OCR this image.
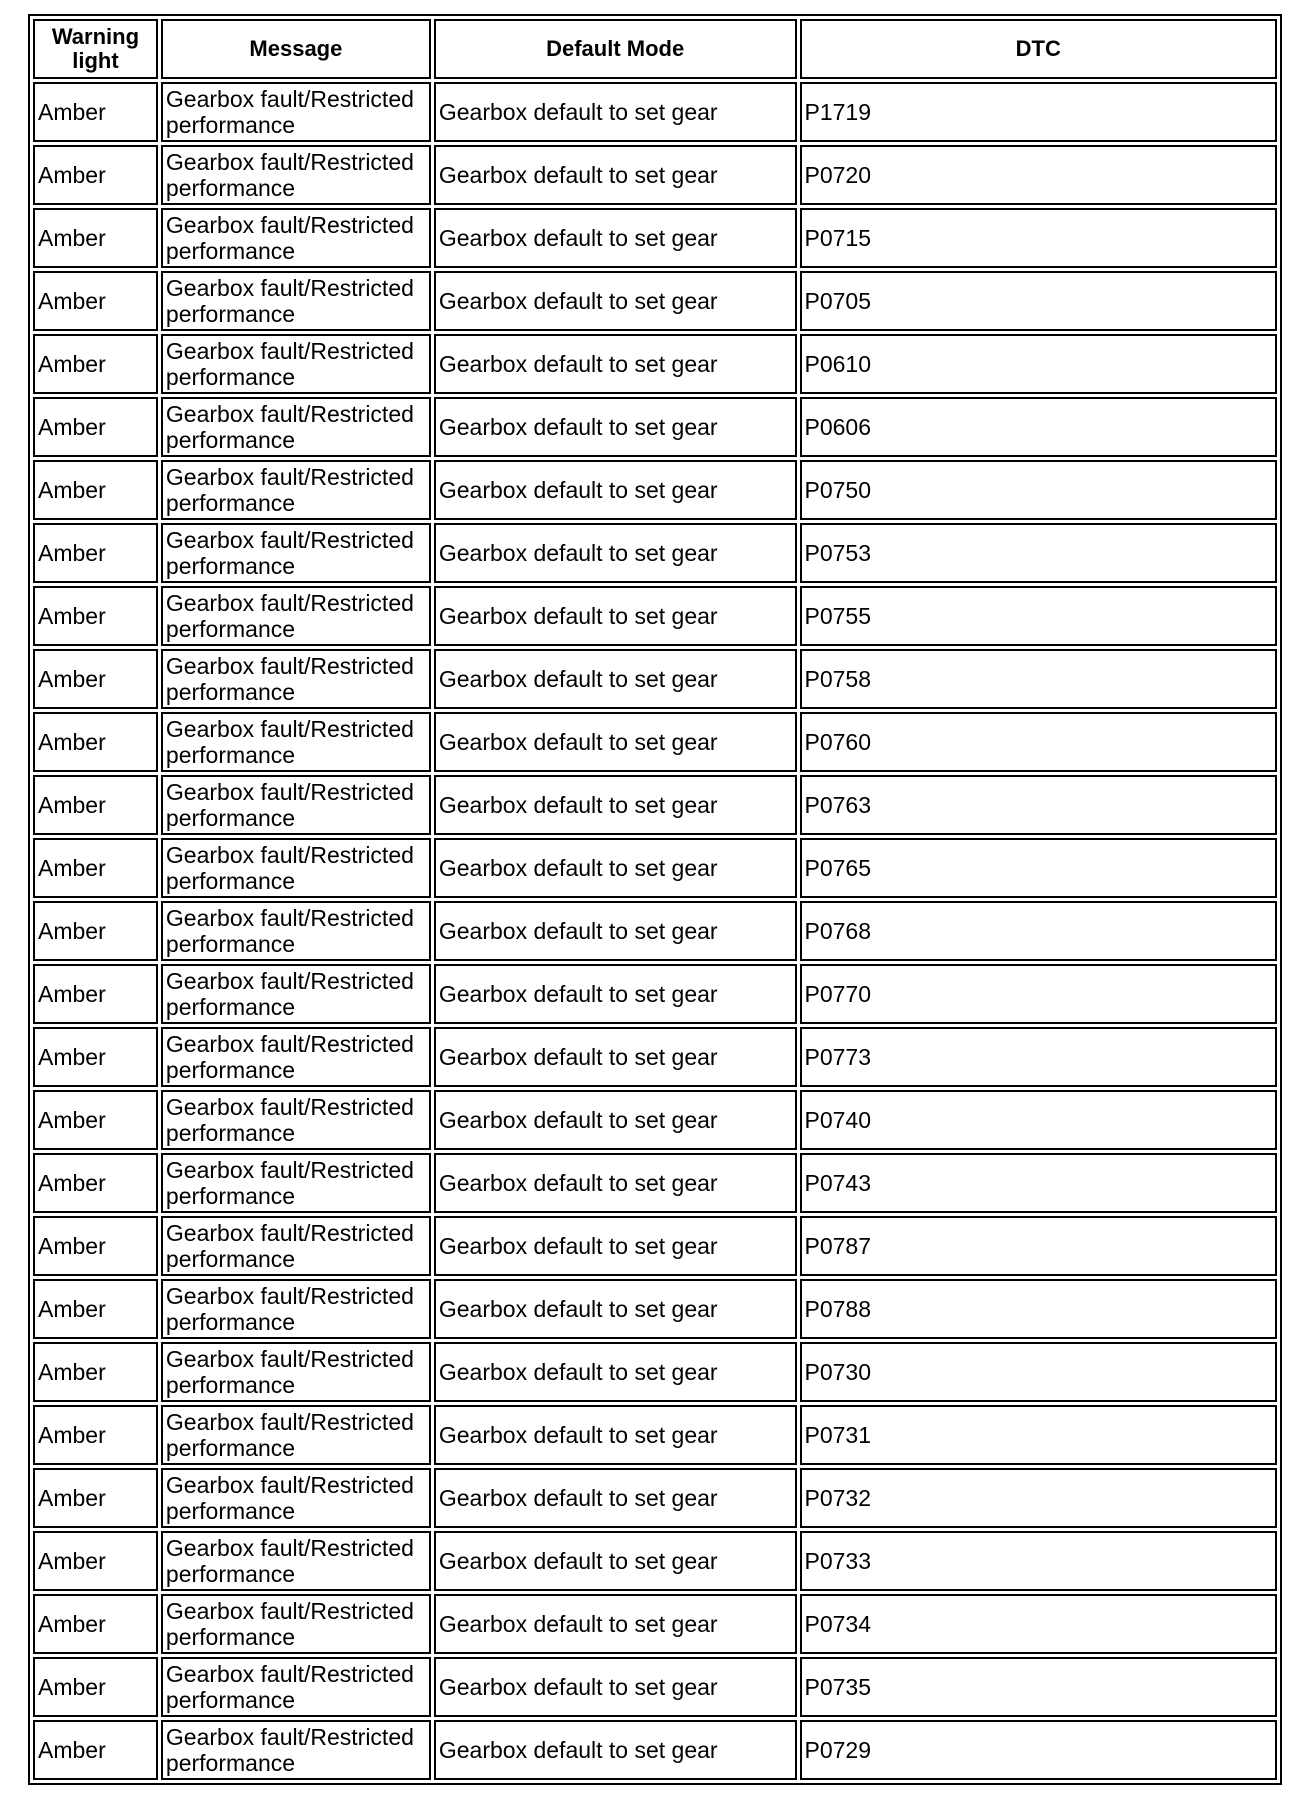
Warning light	Message	Default Mode	DTC
Amber	Gearbox fault/Restricted performance	Gearbox default to set gear	P1719
Amber	Gearbox fault/Restricted performance	Gearbox default to set gear	P0720
Amber	Gearbox fault/Restricted performance	Gearbox default to set gear	P0715
Amber	Gearbox fault/Restricted performance	Gearbox default to set gear	P0705
Amber	Gearbox fault/Restricted performance	Gearbox default to set gear	P0610
Amber	Gearbox fault/Restricted performance	Gearbox default to set gear	P0606
Amber	Gearbox fault/Restricted performance	Gearbox default to set gear	P0750
Amber	Gearbox fault/Restricted performance	Gearbox default to set gear	P0753
Amber	Gearbox fault/Restricted performance	Gearbox default to set gear	P0755
Amber	Gearbox fault/Restricted performance	Gearbox default to set gear	P0758
Amber	Gearbox fault/Restricted performance	Gearbox default to set gear	P0760
Amber	Gearbox fault/Restricted performance	Gearbox default to set gear	P0763
Amber	Gearbox fault/Restricted performance	Gearbox default to set gear	P0765
Amber	Gearbox fault/Restricted performance	Gearbox default to set gear	P0768
Amber	Gearbox fault/Restricted performance	Gearbox default to set gear	P0770
Amber	Gearbox fault/Restricted performance	Gearbox default to set gear	P0773
Amber	Gearbox fault/Restricted performance	Gearbox default to set gear	P0740
Amber	Gearbox fault/Restricted performance	Gearbox default to set gear	P0743
Amber	Gearbox fault/Restricted performance	Gearbox default to set gear	P0787
Amber	Gearbox fault/Restricted performance	Gearbox default to set gear	P0788
Amber	Gearbox fault/Restricted performance	Gearbox default to set gear	P0730
Amber	Gearbox fault/Restricted performance	Gearbox default to set gear	P0731
Amber	Gearbox fault/Restricted performance	Gearbox default to set gear	P0732
Amber	Gearbox fault/Restricted performance	Gearbox default to set gear	P0733
Amber	Gearbox fault/Restricted performance	Gearbox default to set gear	P0734
Amber	Gearbox fault/Restricted performance	Gearbox default to set gear	P0735
Amber	Gearbox fault/Restricted performance	Gearbox default to set gear	P0729
